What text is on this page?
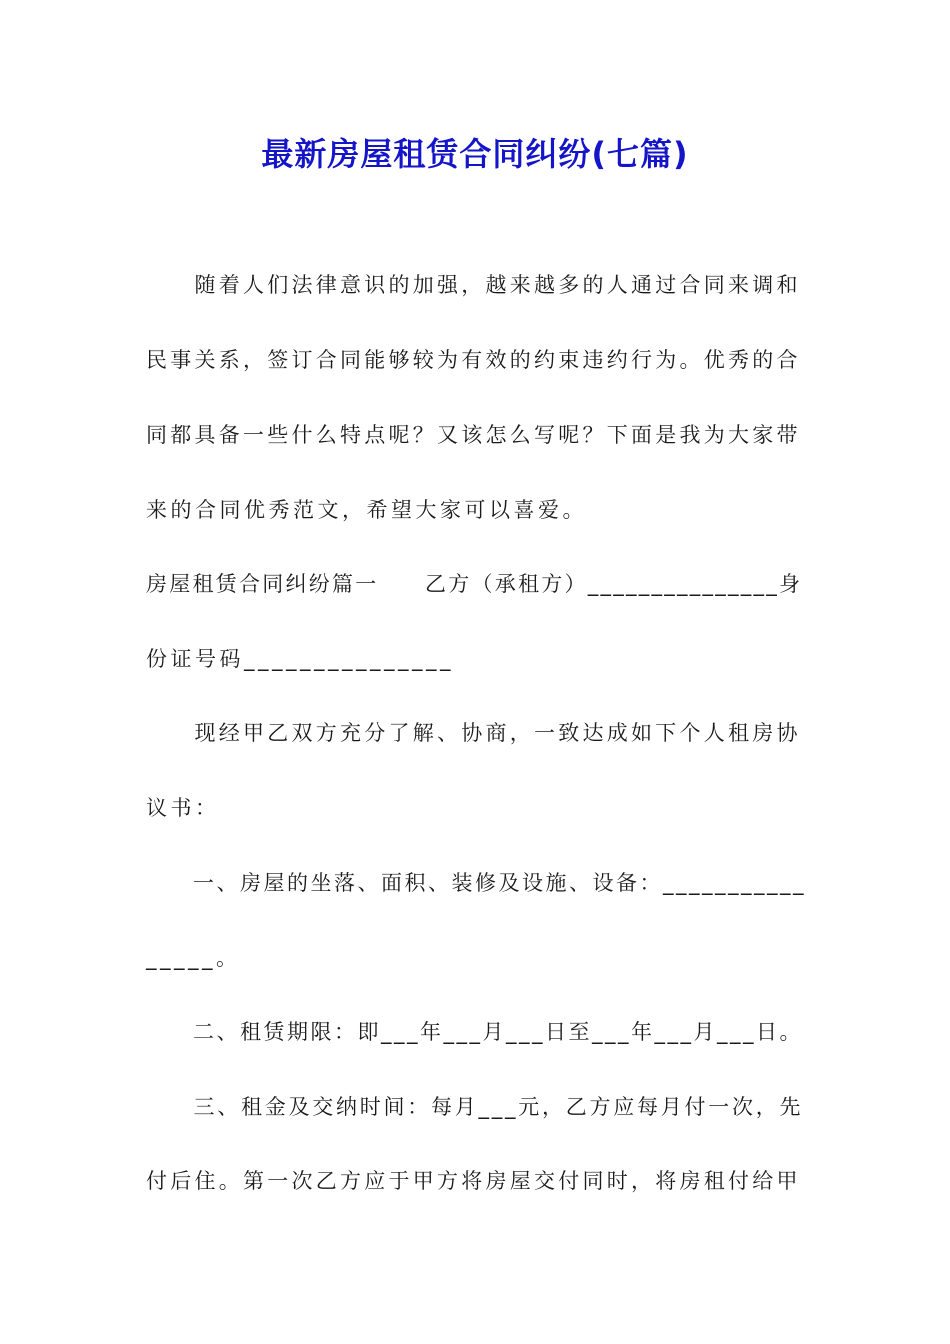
最新房屋租赁合同纠纷(七篇)
　　随着人们法律意识的加强，越来越多的人通过合同来调和
民事关系，签订合同能够较为有效的约束违约行为。优秀的合
同都具备一些什么特点呢？又该怎么写呢？下面是我为大家带
来的合同优秀范文，希望大家可以喜爱。
房屋租赁合同纠纷篇一　　乙方（承租方）_______________身
份证号码_______________
　　现经甲乙双方充分了解、协商，一致达成如下个人租房协
议书：
　　一、房屋的坐落、面积、装修及设施、设备：___________
_____。
　　二、租赁期限：即___年___月___日至___年___月___日。
　　三、租金及交纳时间：每月___元，乙方应每月付一次，先
付后住。第一次乙方应于甲方将房屋交付同时，将房租付给甲
